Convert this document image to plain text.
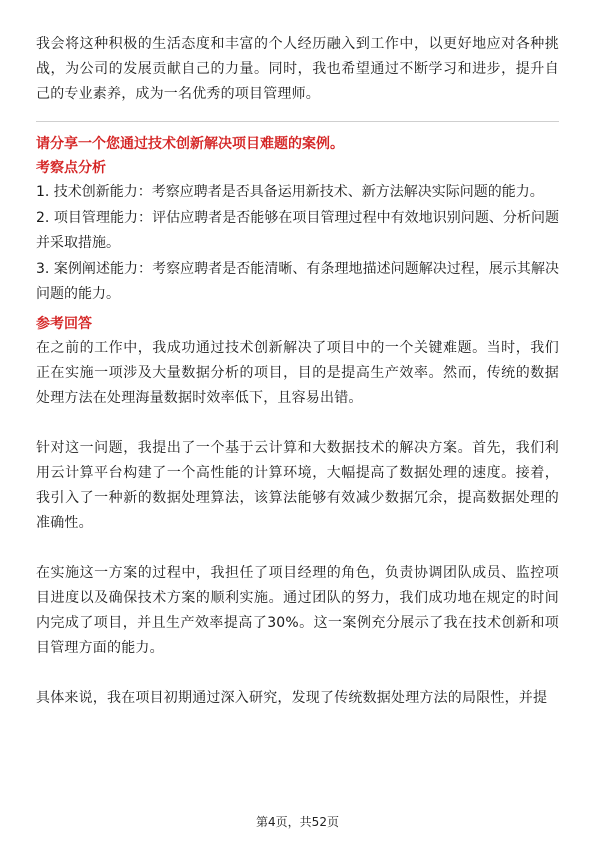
我会将这种积极的生活态度和丰富的个人经历融入到工作中，以更好地应对各种挑战，为公司的发展贡献自己的力量。同时，我也希望通过不断学习和进步，提升自己的专业素养，成为一名优秀的项目管理师。

请分享一个您通过技术创新解决项目难题的案例。

考察点分析

1. 技术创新能力：考察应聘者是否具备运用新技术、新方法解决实际问题的能力。
2. 项目管理能力：评估应聘者是否能够在项目管理过程中有效地识别问题、分析问题并采取措施。
3. 案例阐述能力：考察应聘者是否能清晰、有条理地描述问题解决过程，展示其解决问题的能力。

参考回答

在之前的工作中，我成功通过技术创新解决了项目中的一个关键难题。当时，我们正在实施一项涉及大量数据分析的项目，目的是提高生产效率。然而，传统的数据处理方法在处理海量数据时效率低下，且容易出错。

针对这一问题，我提出了一个基于云计算和大数据技术的解决方案。首先，我们利用云计算平台构建了一个高性能的计算环境，大幅提高了数据处理的速度。接着，我引入了一种新的数据处理算法，该算法能够有效减少数据冗余，提高数据处理的准确性。

在实施这一方案的过程中，我担任了项目经理的角色，负责协调团队成员、监控项目进度以及确保技术方案的顺利实施。通过团队的努力，我们成功地在规定的时间内完成了项目，并且生产效率提高了30%。这一案例充分展示了我在技术创新和项目管理方面的能力。

具体来说，我在项目初期通过深入研究，发现了传统数据处理方法的局限性，并提

第4页，共52页
